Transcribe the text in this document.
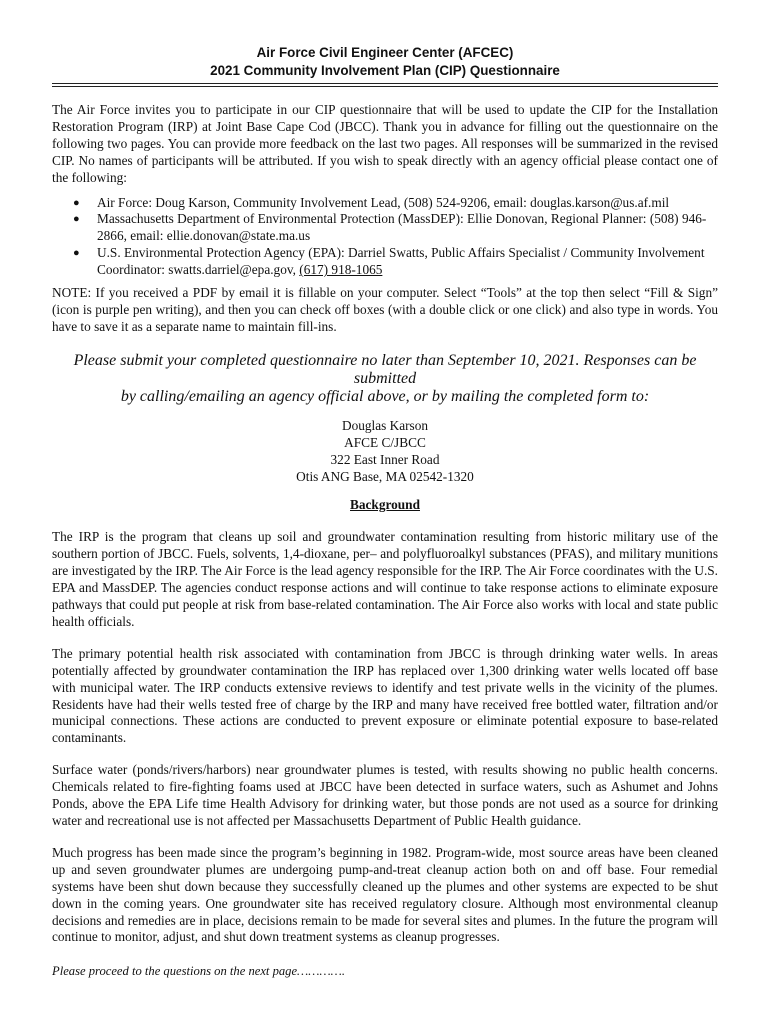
Air Force Civil Engineer Center (AFCEC)
2021 Community Involvement Plan (CIP) Questionnaire

The Air Force invites you to participate in our CIP questionnaire that will be used to update the CIP for the Installation Restoration Program (IRP) at Joint Base Cape Cod (JBCC). Thank you in advance for filling out the questionnaire on the following two pages. You can provide more feedback on the last two pages. All responses will be summarized in the revised CIP. No names of participants will be attributed. If you wish to speak directly with an agency official please contact one of the following:

● Air Force: Doug Karson, Community Involvement Lead, (508) 524-9206, email: douglas.karson@us.af.mil
● Massachusetts Department of Environmental Protection (MassDEP): Ellie Donovan, Regional Planner: (508) 946-2866, email: ellie.donovan@state.ma.us
● U.S. Environmental Protection Agency (EPA): Darriel Swatts, Public Affairs Specialist / Community Involvement Coordinator: swatts.darriel@epa.gov, (617) 918-1065

NOTE: If you received a PDF by email it is fillable on your computer. Select “Tools” at the top then select “Fill & Sign” (icon is purple pen writing), and then you can check off boxes (with a double click or one click) and also type in words. You have to save it as a separate name to maintain fill-ins.

Please submit your completed questionnaire no later than September 10, 2021. Responses can be submitted
by calling/emailing an agency official above, or by mailing the completed form to:
Douglas Karson
AFCE C/JBCC
322 East Inner Road
Otis ANG Base, MA 02542-1320
Background

The IRP is the program that cleans up soil and groundwater contamination resulting from historic military use of the southern portion of JBCC. Fuels, solvents, 1,4-dioxane, per– and polyfluoroalkyl substances (PFAS), and military munitions are investigated by the IRP. The Air Force is the lead agency responsible for the IRP. The Air Force coordinates with the U.S. EPA and MassDEP. The agencies conduct response actions and will continue to take response actions to eliminate exposure pathways that could put people at risk from base-related contamination. The Air Force also works with local and state public health officials.

The primary potential health risk associated with contamination from JBCC is through drinking water wells. In areas potentially affected by groundwater contamination the IRP has replaced over 1,300 drinking water wells located off base with municipal water. The IRP conducts extensive reviews to identify and test private wells in the vicinity of the plumes. Residents have had their wells tested free of charge by the IRP and many have received free bottled water, filtration and/or municipal connections. These actions are conducted to prevent exposure or eliminate potential exposure to base-related contaminants.

Surface water (ponds/rivers/harbors) near groundwater plumes is tested, with results showing no public health concerns. Chemicals related to fire-fighting foams used at JBCC have been detected in surface waters, such as Ashumet and Johns Ponds, above the EPA Life time Health Advisory for drinking water, but those ponds are not used as a source for drinking water and recreational use is not affected per Massachusetts Department of Public Health guidance.

Much progress has been made since the program’s beginning in 1982. Program-wide, most source areas have been cleaned up and seven groundwater plumes are undergoing pump-and-treat cleanup action both on and off base. Four remedial systems have been shut down because they successfully cleaned up the plumes and other systems are expected to be shut down in the coming years. One groundwater site has received regulatory closure. Although most environmental cleanup decisions and remedies are in place, decisions remain to be made for several sites and plumes. In the future the program will continue to monitor, adjust, and shut down treatment systems as cleanup progresses.

Please proceed to the questions on the next page………….
